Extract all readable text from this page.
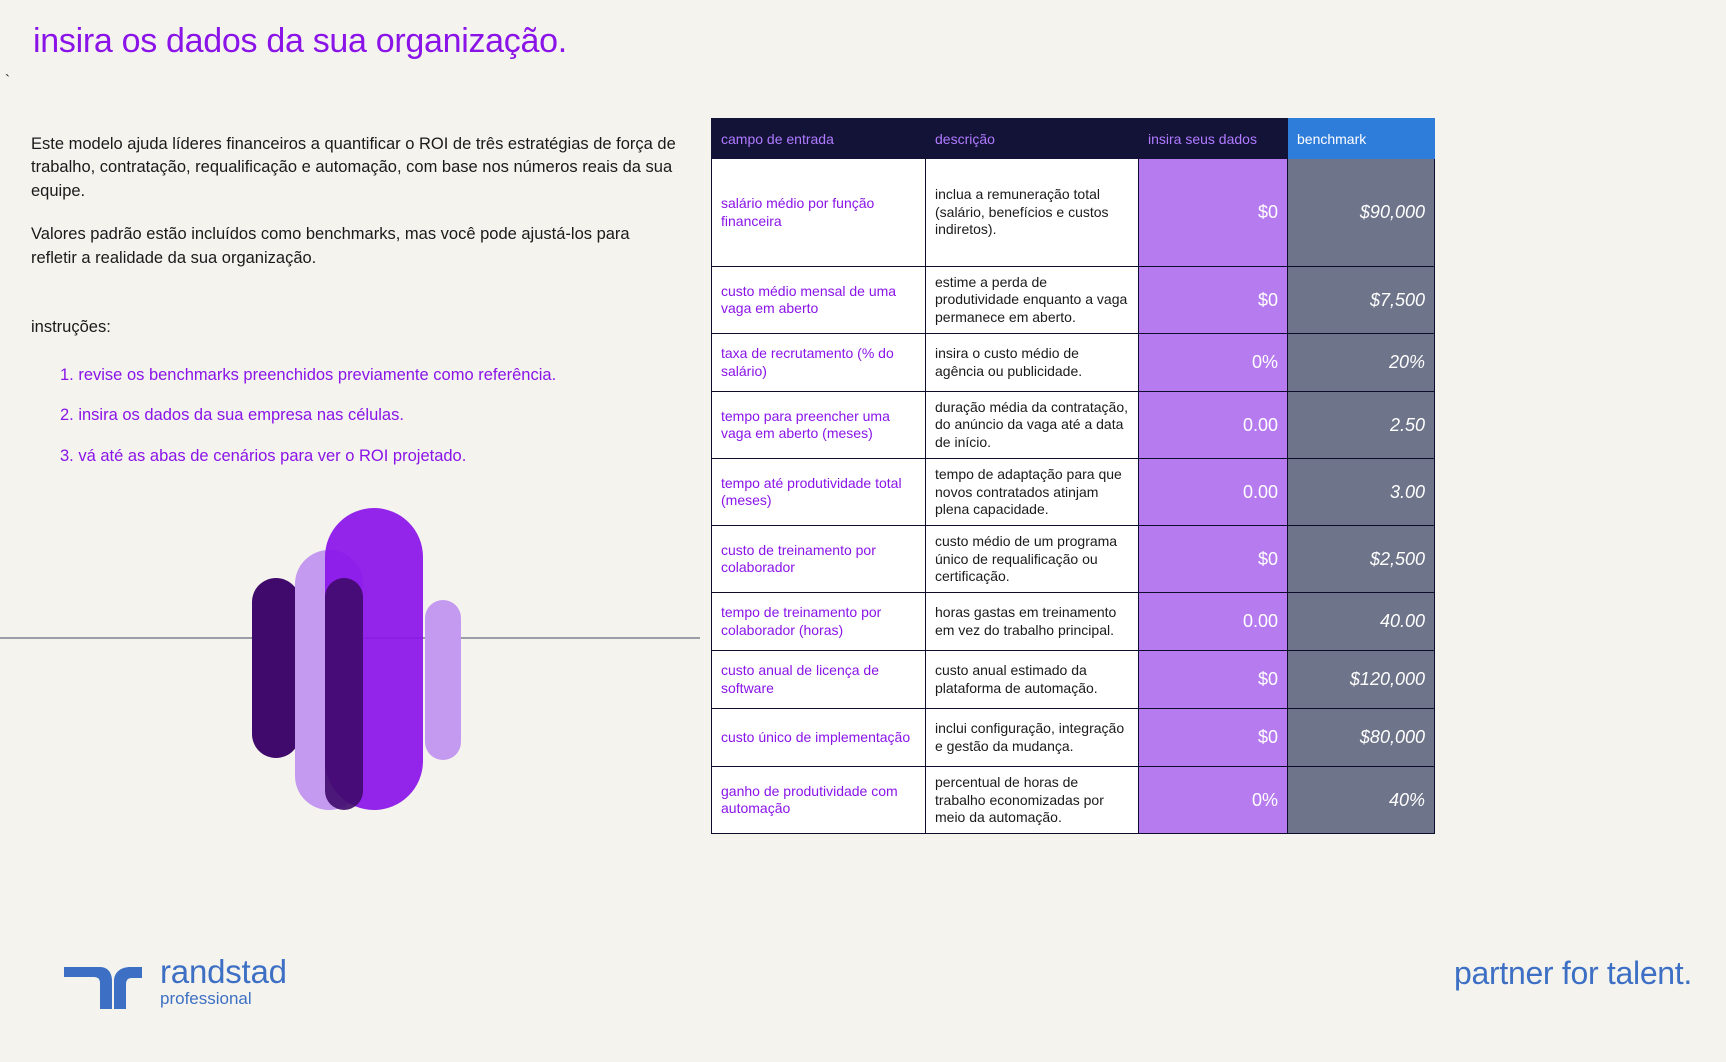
insira os dados da sua organização.
`

Este modelo ajuda líderes financeiros a quantificar o ROI de três estratégias de força de trabalho, contratação, requalificação e automação, com base nos números reais da sua equipe.

Valores padrão estão incluídos como benchmarks, mas você pode ajustá-los para refletir a realidade da sua organização.

instruções:
1. revise os benchmarks preenchidos previamente como referência.
2. insira os dados da sua empresa nas células.
3. vá até as abas de cenários para ver o ROI projetado.
campo de entrada	descrição	insira seus dados	benchmark
salário médio por função financeira	inclua a remuneração total (salário, benefícios e custos indiretos).	$0	$90,000
custo médio mensal de uma vaga em aberto	estime a perda de produtividade enquanto a vaga permanece em aberto.	$0	$7,500
taxa de recrutamento (% do salário)	insira o custo médio de agência ou publicidade.	0%	20%
tempo para preencher uma vaga em aberto (meses)	duração média da contratação, do anúncio da vaga até a data de início.	0.00	2.50
tempo até produtividade total (meses)	tempo de adaptação para que novos contratados atinjam plena capacidade.	0.00	3.00
custo de treinamento por colaborador	custo médio de um programa único de requalificação ou certificação.	$0	$2,500
tempo de treinamento por colaborador (horas)	horas gastas em treinamento em vez do trabalho principal.	0.00	40.00
custo anual de licença de software	custo anual estimado da plataforma de automação.	$0	$120,000
custo único de implementação	inclui configuração, integração e gestão da mudança.	$0	$80,000
ganho de produtividade com automação	percentual de horas de trabalho economizadas por meio da automação.	0%	40%
randstad
professional
partner for talent.
